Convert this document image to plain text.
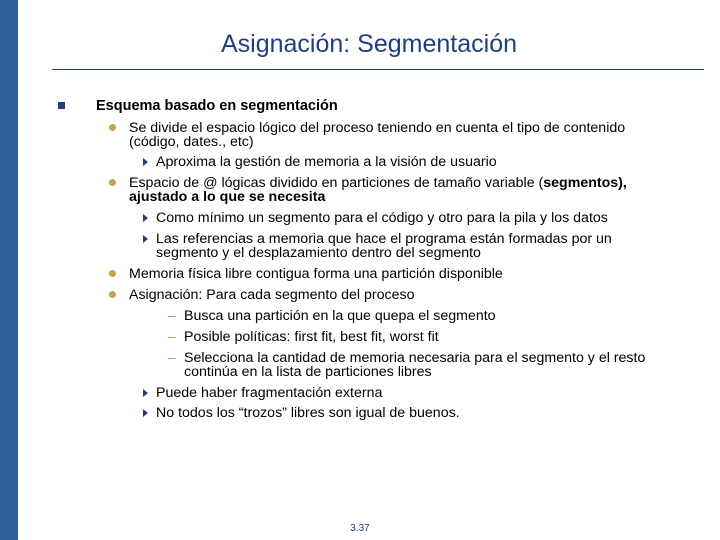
Asignación: Segmentación
Esquema basado en segmentación
Se divide el espacio lógico del proceso teniendo en cuenta el tipo de contenido
(código, dates., etc)
Aproxima la gestión de memoria a la visión de usuario
Espacio de @ lógicas dividido en particiones de tamaño variable (segmentos),
ajustado a lo que se necesita
Como mínimo un segmento para el código y otro para la pila y los datos
Las referencias a memoria que hace el programa están formadas por un
segmento y el desplazamiento dentro del segmento
Memoria física libre contigua forma una partición disponible
Asignación: Para cada segmento del proceso
– Busca una partición en la que quepa el segmento
– Posible políticas: first fit, best fit, worst fit
– Selecciona la cantidad de memoria necesaria para el segmento y el resto
continúa en la lista de particiones libres
Puede haber fragmentación externa
No todos los “trozos” libres son igual de buenos.
3.37
